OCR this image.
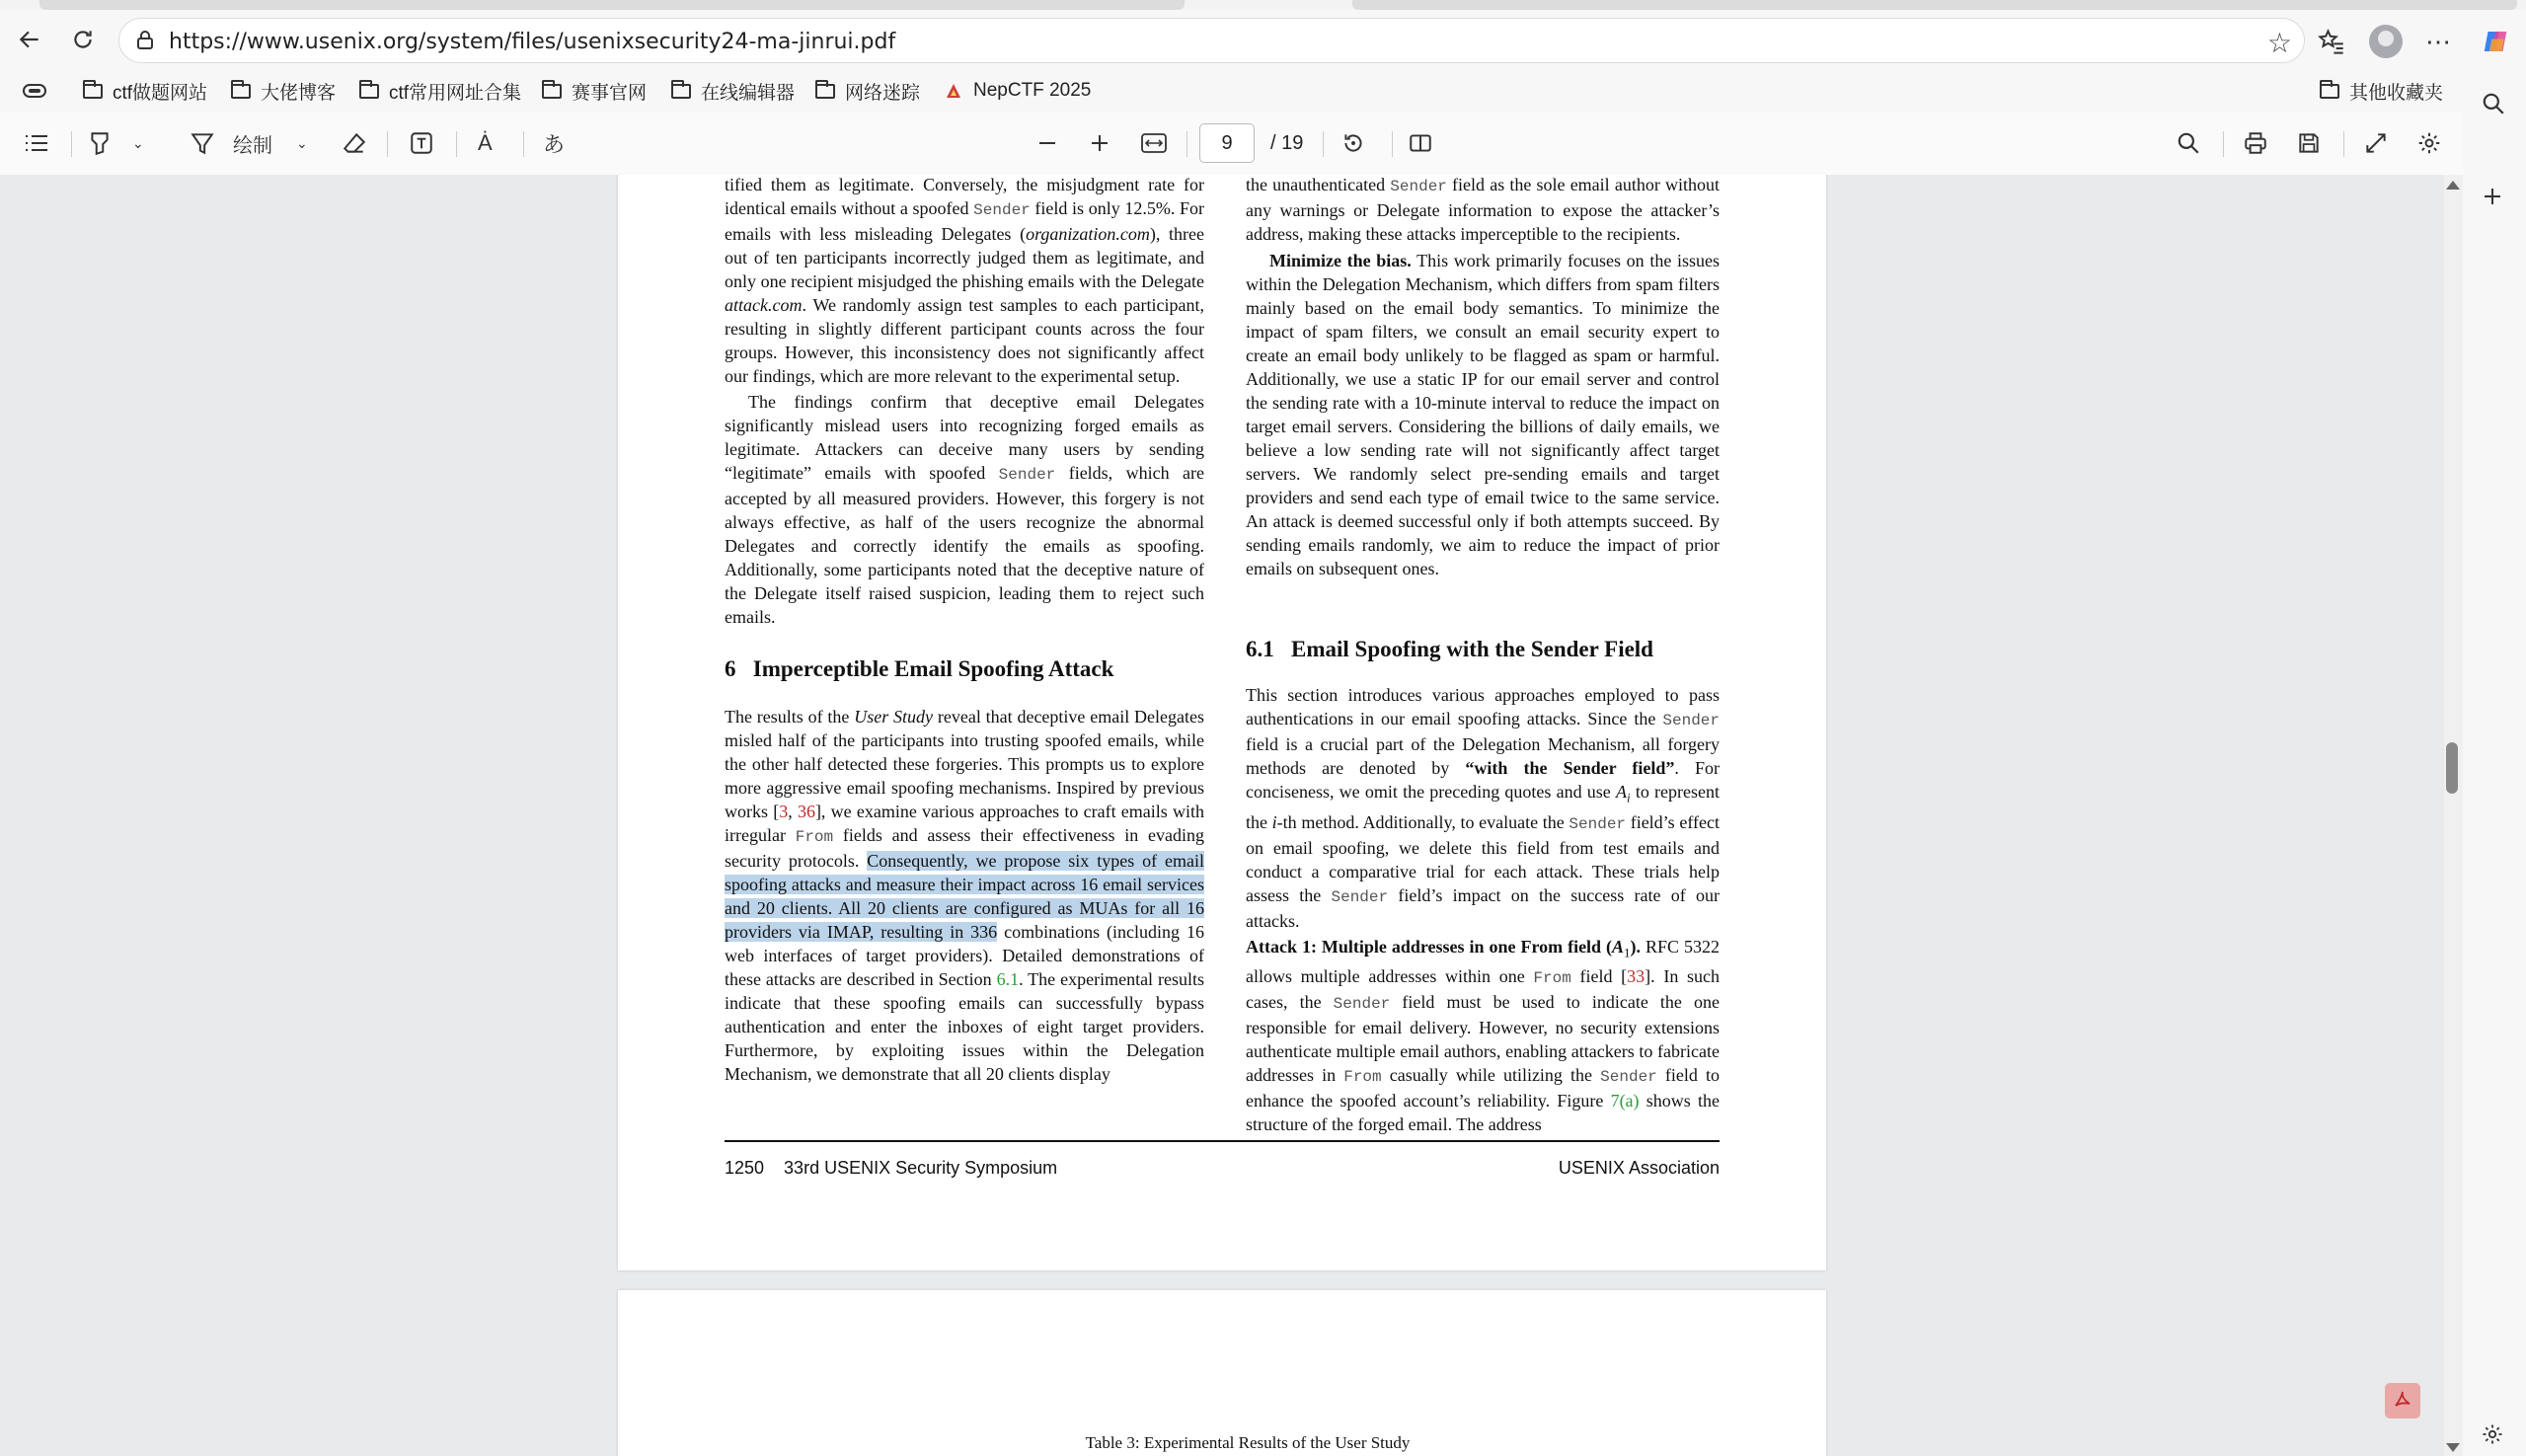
https://www.usenix.org/system/files/usenixsecurity24-ma-jinrui.pdf	☆	⋯
ctf做题网站	大佬博客	ctf常用网址合集	赛事官网	在线编辑器	网络迷踪	NepCTF 2025	其他收藏夹
⌄	绘制 ⌄	Ȧ あ	9	/ 19

tified them as legitimate. Conversely, the misjudgment rate for identical emails without a spoofed Sender field is only 12.5%. For emails with less misleading Delegates (organization.com), three out of ten participants incorrectly judged them as legitimate, and only one recipient misjudged the phishing emails with the Delegate attack.com. We randomly assign test samples to each participant, resulting in slightly different participant counts across the four groups. However, this inconsistency does not significantly affect our findings, which are more relevant to the experimental setup.

The findings confirm that deceptive email Delegates significantly mislead users into recognizing forged emails as legitimate. Attackers can deceive many users by sending “legitimate” emails with spoofed Sender fields, which are accepted by all measured providers. However, this forgery is not always effective, as half of the users recognize the abnormal Delegates and correctly identify the emails as spoofing. Additionally, some participants noted that the deceptive nature of the Delegate itself raised suspicion, leading them to reject such emails.

6   Imperceptible Email Spoofing Attack

The results of the User Study reveal that deceptive email Delegates misled half of the participants into trusting spoofed emails, while the other half detected these forgeries. This prompts us to explore more aggressive email spoofing mechanisms. Inspired by previous works [3, 36], we examine various approaches to craft emails with irregular From fields and assess their effectiveness in evading security protocols. Consequently, we propose six types of email spoofing attacks and measure their impact across 16 email services and 20 clients. All 20 clients are configured as MUAs for all 16 providers via IMAP, resulting in 336 combinations (including 16 web interfaces of target providers). Detailed demonstrations of these attacks are described in Section 6.1. The experimental results indicate that these spoofing emails can successfully bypass authentication and enter the inboxes of eight target providers. Furthermore, by exploiting issues within the Delegation Mechanism, we demonstrate that all 20 clients display

the unauthenticated Sender field as the sole email author without any warnings or Delegate information to expose the attacker’s address, making these attacks imperceptible to the recipients.

Minimize the bias. This work primarily focuses on the issues within the Delegation Mechanism, which differs from spam filters mainly based on the email body semantics. To minimize the impact of spam filters, we consult an email security expert to create an email body unlikely to be flagged as spam or harmful. Additionally, we use a static IP for our email server and control the sending rate with a 10-minute interval to reduce the impact on target email servers. Considering the billions of daily emails, we believe a low sending rate will not significantly affect target servers. We randomly select pre-sending emails and target providers and send each type of email twice to the same service. An attack is deemed successful only if both attempts succeed. By sending emails randomly, we aim to reduce the impact of prior emails on subsequent ones.

6.1   Email Spoofing with the Sender Field

This section introduces various approaches employed to pass authentications in our email spoofing attacks. Since the Sender field is a crucial part of the Delegation Mechanism, all forgery methods are denoted by “with the Sender field”. For conciseness, we omit the preceding quotes and use $A_i$ to represent the i-th method. Additionally, to evaluate the Sender field’s effect on email spoofing, we delete this field from test emails and conduct a comparative trial for each attack. These trials help assess the Sender field’s impact on the success rate of our attacks.

Attack 1: Multiple addresses in one From field $(A_1)$. RFC 5322 allows multiple addresses within one From field [33]. In such cases, the Sender field must be used to indicate the one responsible for email delivery. However, no security extensions authenticate multiple email authors, enabling attackers to fabricate addresses in From casually while utilizing the Sender field to enhance the spoofed account’s reliability. Figure 7(a) shows the structure of the forged email. The address

1250    33rd USENIX Security Symposium	USENIX Association
Table 3: Experimental Results of the User Study
